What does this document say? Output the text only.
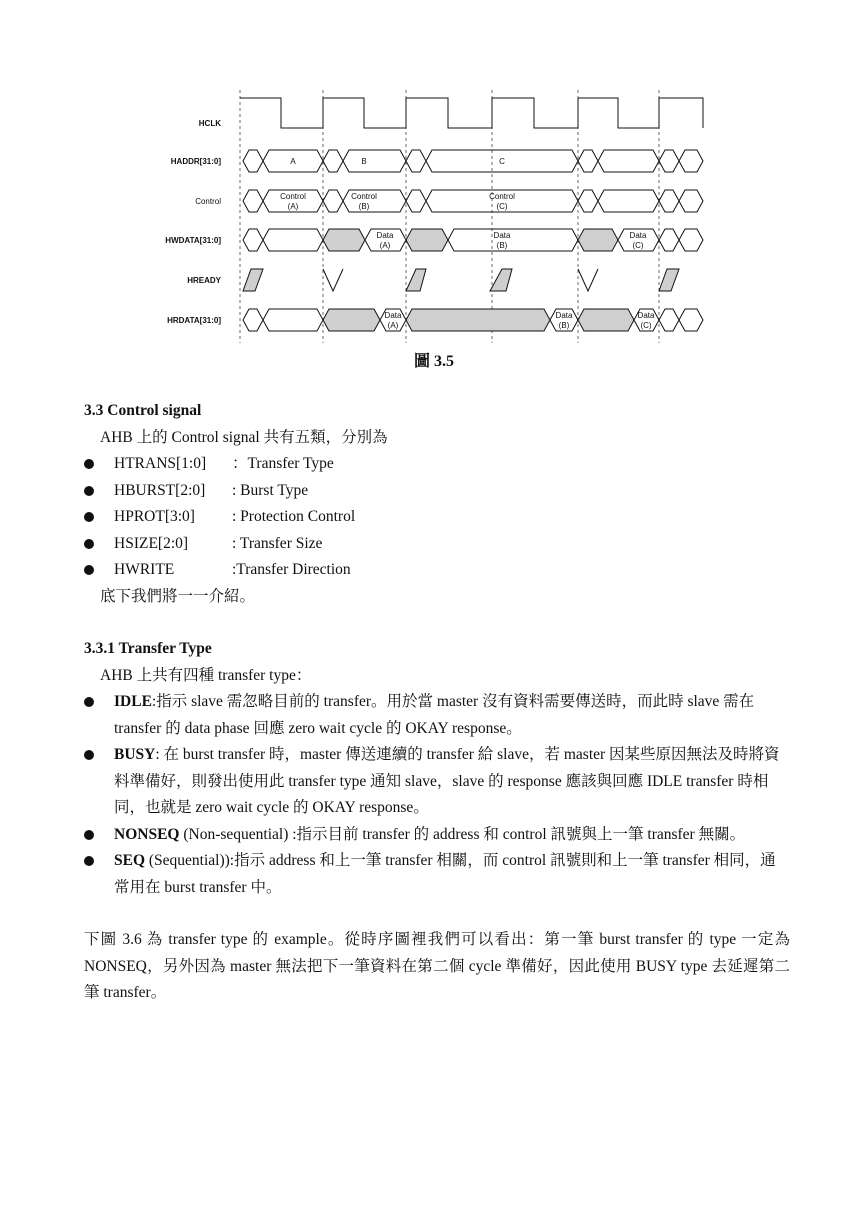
HCLK
HADDR[31:0]
Control
HWDATA[31:0]
HREADY
HRDATA[31:0]
A	B	C
Control
(A)
Control
(B)
Control
(C)
Data
(A)
Data
(B)
Data
(C)
Data
(A)
Data
(B)
Data
(C)
圖 3.5
3.3 Control signal
AHB 上的 Control signal 共有五類，分別為
HTRANS[1:0] ：Transfer Type
HBURST[2:0] : Burst Type
HPROT[3:0] : Protection Control
HSIZE[2:0]	: Transfer Size
HWRITE	:Transfer Direction
底下我們將一一介紹。
3.3.1 Transfer Type
AHB 上共有四種 transfer type：
IDLE:指示 slave 需忽略目前的 transfer。用於當 master 沒有資料需要傳送時，而此時 slave 需在 transfer 的 data phase 回應 zero wait cycle 的 OKAY response。
BUSY: 在 burst transfer 時，master 傳送連續的 transfer 給 slave，若 master 因某些原因無法及時將資料準備好，則發出使用此 transfer type 通知 slave，slave 的 response 應該與回應 IDLE transfer 時相同，也就是 zero wait cycle 的 OKAY response。
NONSEQ (Non-sequential) :指示目前 transfer 的 address 和 control 訊號與上一筆 transfer 無關。
SEQ (Sequential)):指示 address 和上一筆 transfer 相關，而 control 訊號則和上一筆 transfer 相同，通常用在 burst transfer 中。
下圖 3.6 為 transfer type 的 example。從時序圖裡我們可以看出：第一筆 burst transfer 的 type 一定為 NONSEQ，另外因為 master 無法把下一筆資料在第二個 cycle 準備好，因此使用 BUSY type 去延遲第二筆 transfer。
